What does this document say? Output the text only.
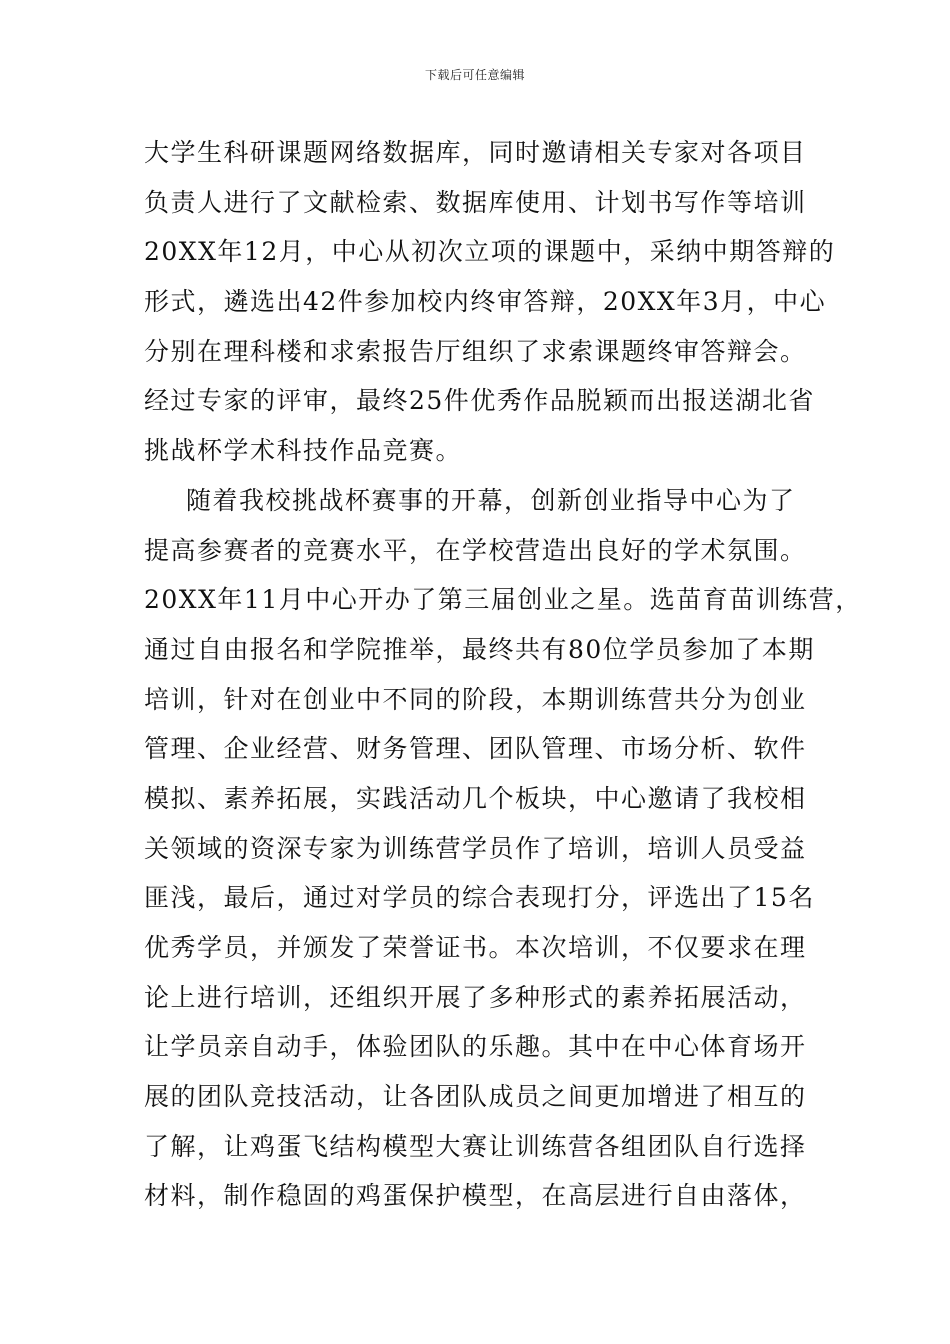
下载后可任意编辑
大学生科研课题网络数据库，同时邀请相关专家对各项目
负责人进行了文献检索、数据库使用、计划书写作等培训
20XX年12月，中心从初次立项的课题中，采纳中期答辩的
形式，遴选出42件参加校内终审答辩，20XX年3月，中心
分别在理科楼和求索报告厅组织了求索课题终审答辩会。
经过专家的评审，最终25件优秀作品脱颖而出报送湖北省
挑战杯学术科技作品竞赛。
随着我校挑战杯赛事的开幕，创新创业指导中心为了
提高参赛者的竞赛水平，在学校营造出良好的学术氛围。
20XX年11月中心开办了第三届创业之星。选苗育苗训练营，
通过自由报名和学院推举，最终共有80位学员参加了本期
培训，针对在创业中不同的阶段，本期训练营共分为创业
管理、企业经营、财务管理、团队管理、市场分析、软件
模拟、素养拓展，实践活动几个板块，中心邀请了我校相
关领域的资深专家为训练营学员作了培训，培训人员受益
匪浅，最后，通过对学员的综合表现打分，评选出了15名
优秀学员，并颁发了荣誉证书。本次培训，不仅要求在理
论上进行培训，还组织开展了多种形式的素养拓展活动，
让学员亲自动手，体验团队的乐趣。其中在中心体育场开
展的团队竞技活动，让各团队成员之间更加增进了相互的
了解，让鸡蛋飞结构模型大赛让训练营各组团队自行选择
材料，制作稳固的鸡蛋保护模型，在高层进行自由落体，
